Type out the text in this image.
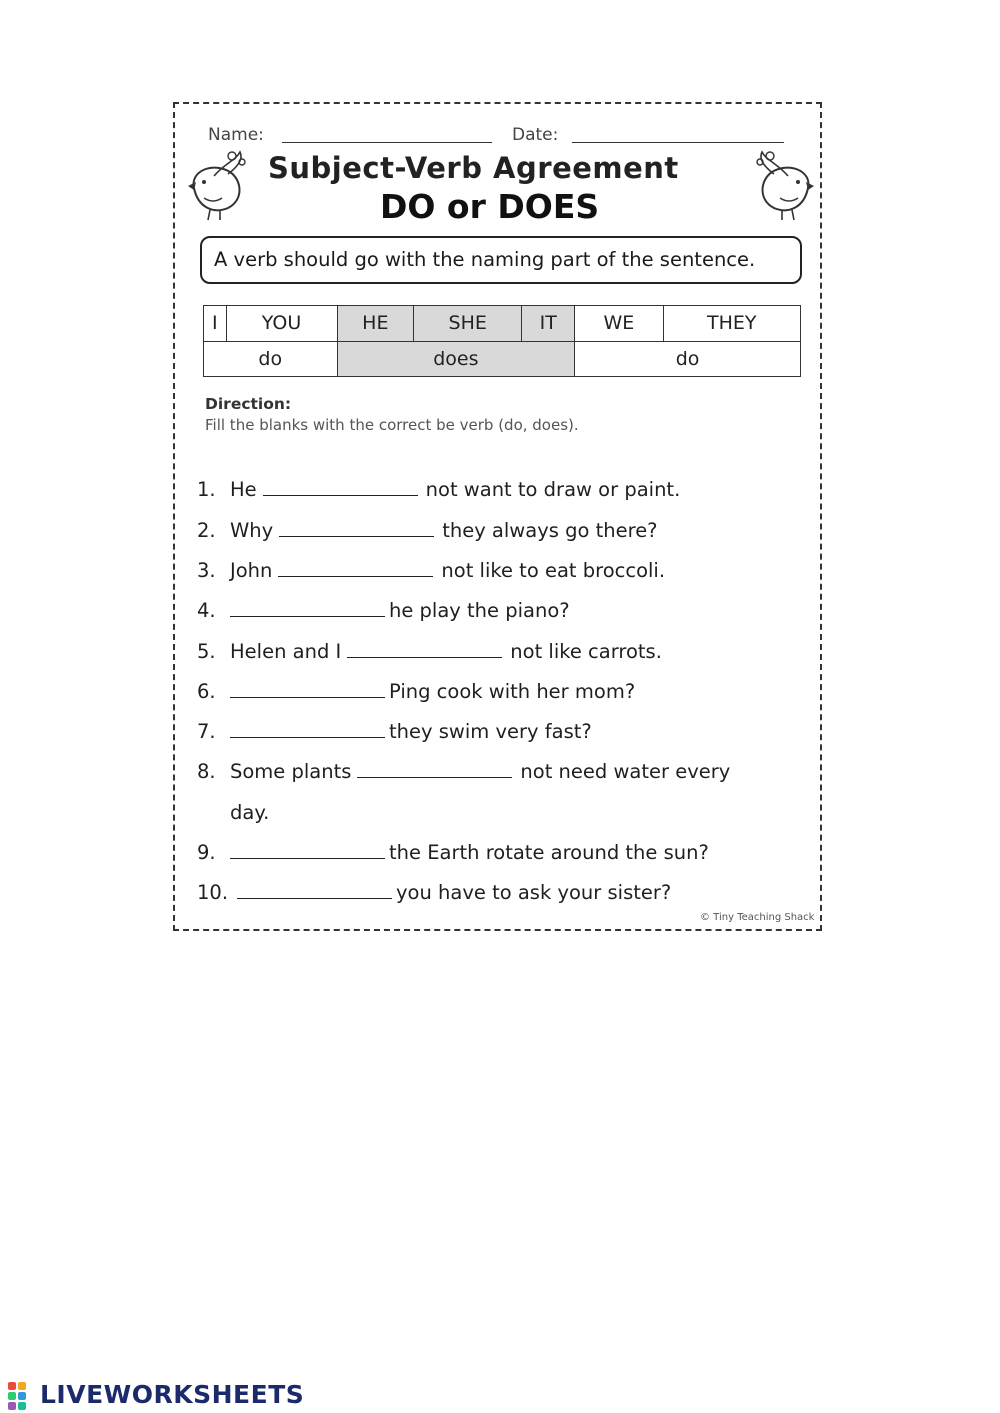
Name:	Date:
Subject-Verb Agreement
DO or DOES
A verb should go with the naming part of the sentence.
I	YOU	HE	SHE	IT	WE	THEY
do		does			do	
Direction:
Fill the blanks with the correct be verb (do, does).
1. He	not want to draw or paint.
2. Why	they always go there?
3. John	not like to eat broccoli.
4.	he play the piano?
5. Helen and I	not like carrots.
6.	Ping cook with her mom?
7.	they swim very fast?
8. Some plants	not need water every
day.
9.	the Earth rotate around the sun?
10.	you have to ask your sister?
© Tiny Teaching Shack
LIVEWORKSHEETS
